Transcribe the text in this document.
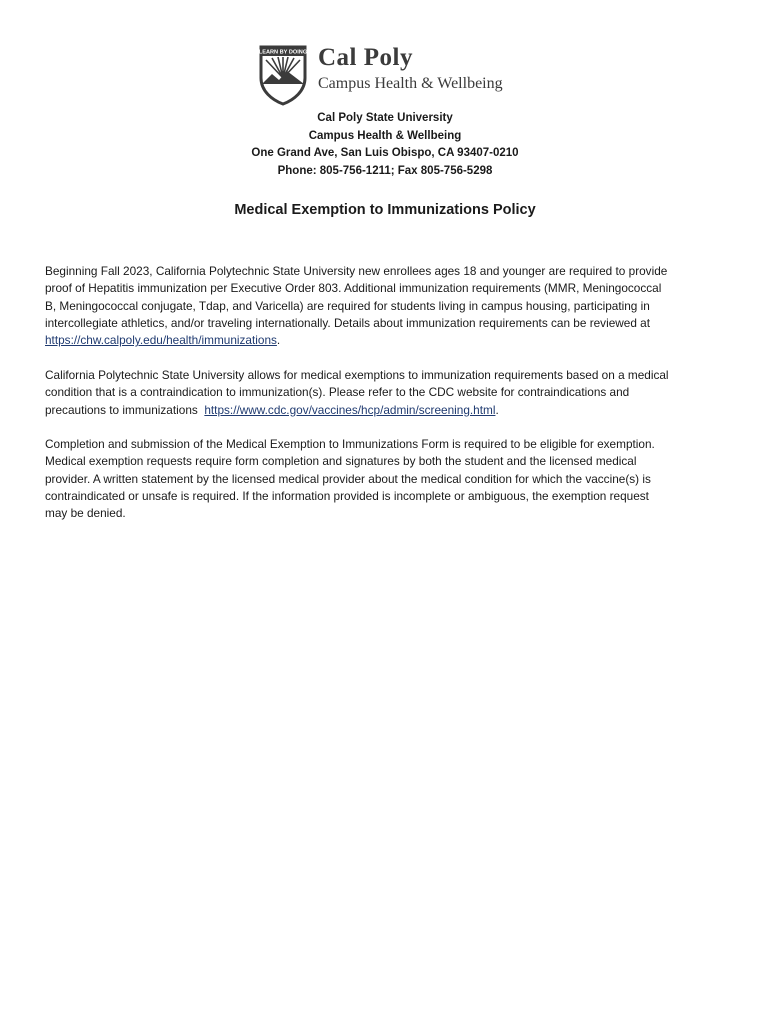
LEARN BY DOING Cal Poly
Campus Health & Wellbeing
Cal Poly State University
Campus Health & Wellbeing
One Grand Ave, San Luis Obispo, CA 93407-0210
Phone: 805-756-1211; Fax 805-756-5298
Medical Exemption to Immunizations Policy
Beginning Fall 2023, California Polytechnic State University new enrollees ages 18 and younger are required to provide
proof of Hepatitis immunization per Executive Order 803. Additional immunization requirements (MMR, Meningococcal
B, Meningococcal conjugate, Tdap, and Varicella) are required for students living in campus housing, participating in
intercollegiate athletics, and/or traveling internationally. Details about immunization requirements can be reviewed at
https://chw.calpoly.edu/health/immunizations.
California Polytechnic State University allows for medical exemptions to immunization requirements based on a medical
condition that is a contraindication to immunization(s). Please refer to the CDC website for contraindications and
precautions to immunizations  https://www.cdc.gov/vaccines/hcp/admin/screening.html.
Completion and submission of the Medical Exemption to Immunizations Form is required to be eligible for exemption.
Medical exemption requests require form completion and signatures by both the student and the licensed medical
provider. A written statement by the licensed medical provider about the medical condition for which the vaccine(s) is
contraindicated or unsafe is required. If the information provided is incomplete or ambiguous, the exemption request
may be denied.
